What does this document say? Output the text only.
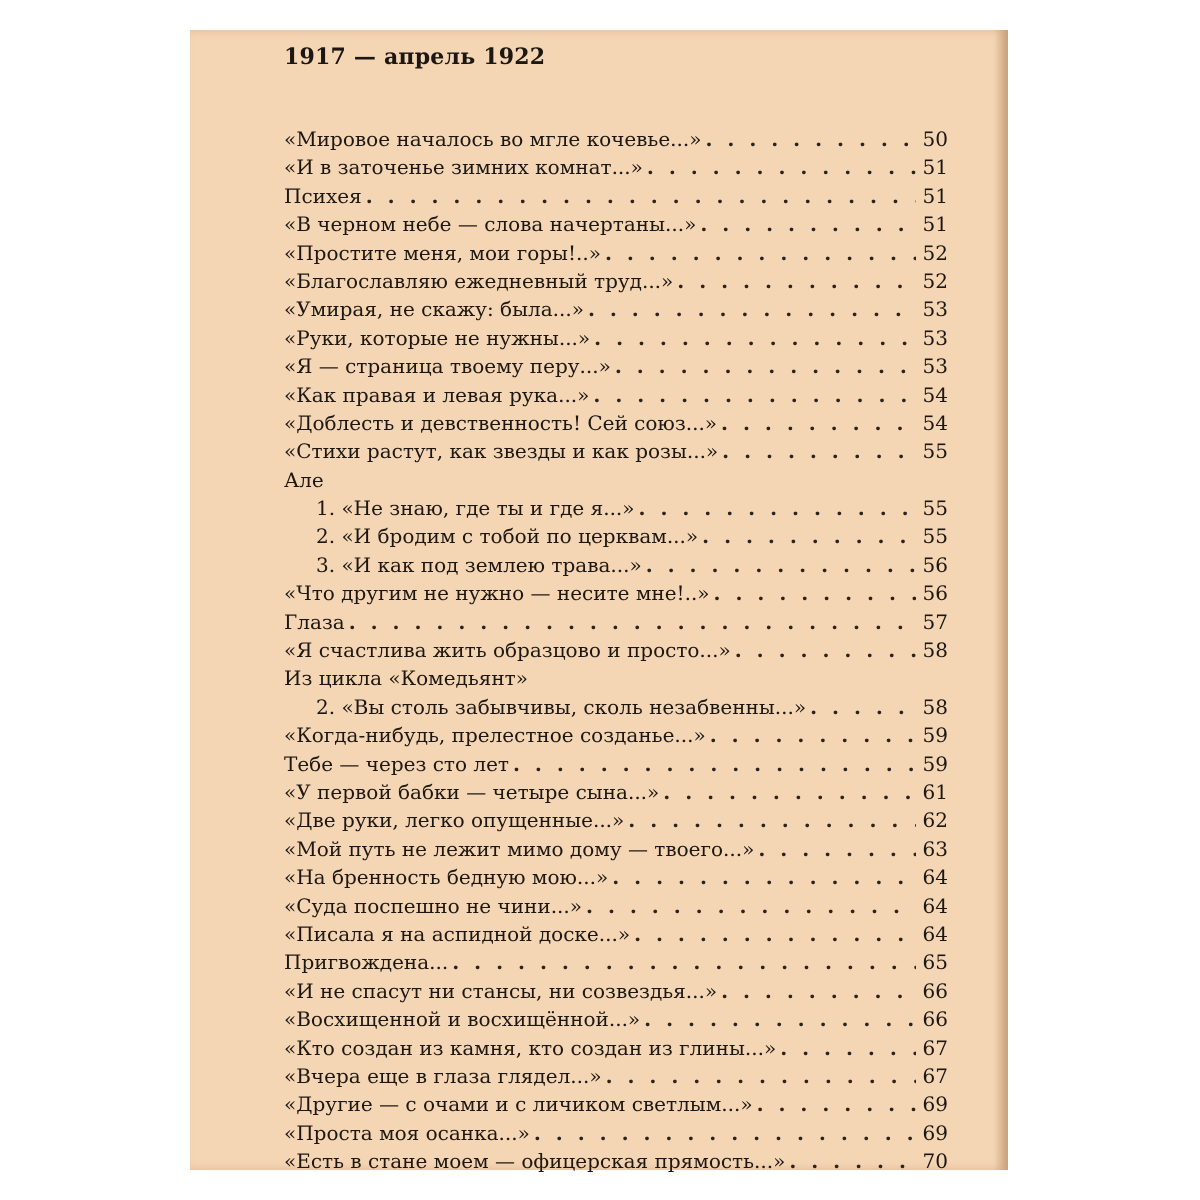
1917 — апрель 1922
«Мировое началось во мгле кочевье...» . . .	50
«И в заточенье зимних комнат...» . . .	51
Психея . . .	51
«В черном небе — слова начертаны...» . . .	51
«Простите меня, мои горы!..» . . .	52
«Благославляю ежедневный труд...» . . .	52
«Умирая, не скажу: была...» . . .	53
«Руки, которые не нужны...» . . .	53
«Я — страница твоему перу...» . . .	53
«Как правая и левая рука...» . . .	54
«Доблесть и девственность! Сей союз...» . . .	54
«Стихи растут, как звезды и как розы...» . . .	55
Але
1. «Не знаю, где ты и где я...» . . .	55
2. «И бродим с тобой по церквам...» . . .	55
3. «И как под землею трава...» . . .	56
«Что другим не нужно — несите мне!..» . . .	56
Глаза . . .	57
«Я счастлива жить образцово и просто...» . . .	58
Из цикла «Комедьянт»
2. «Вы столь забывчивы, сколь незабвенны...» . . .	58
«Когда-нибудь, прелестное созданье...» . . .	59
Тебе — через сто лет . . .	59
«У первой бабки — четыре сына...» . . .	61
«Две руки, легко опущенные...» . . .	62
«Мой путь не лежит мимо дому — твоего...» . . .	63
«На бренность бедную мою...» . . .	64
«Суда поспешно не чини...» . . .	64
«Писала я на аспидной доске...» . . .	64
Пригвождена... . . .	65
«И не спасут ни стансы, ни созвездья...» . . .	66
«Восхищенной и восхищённой...» . . .	66
«Кто создан из камня, кто создан из глины...» . . .	67
«Вчера еще в глаза глядел...» . . .	67
«Другие — с очами и с личиком светлым...» . . .	69
«Проста моя осанка...» . . .	69
«Есть в стане моем — офицерская прямость...» . . .	70
